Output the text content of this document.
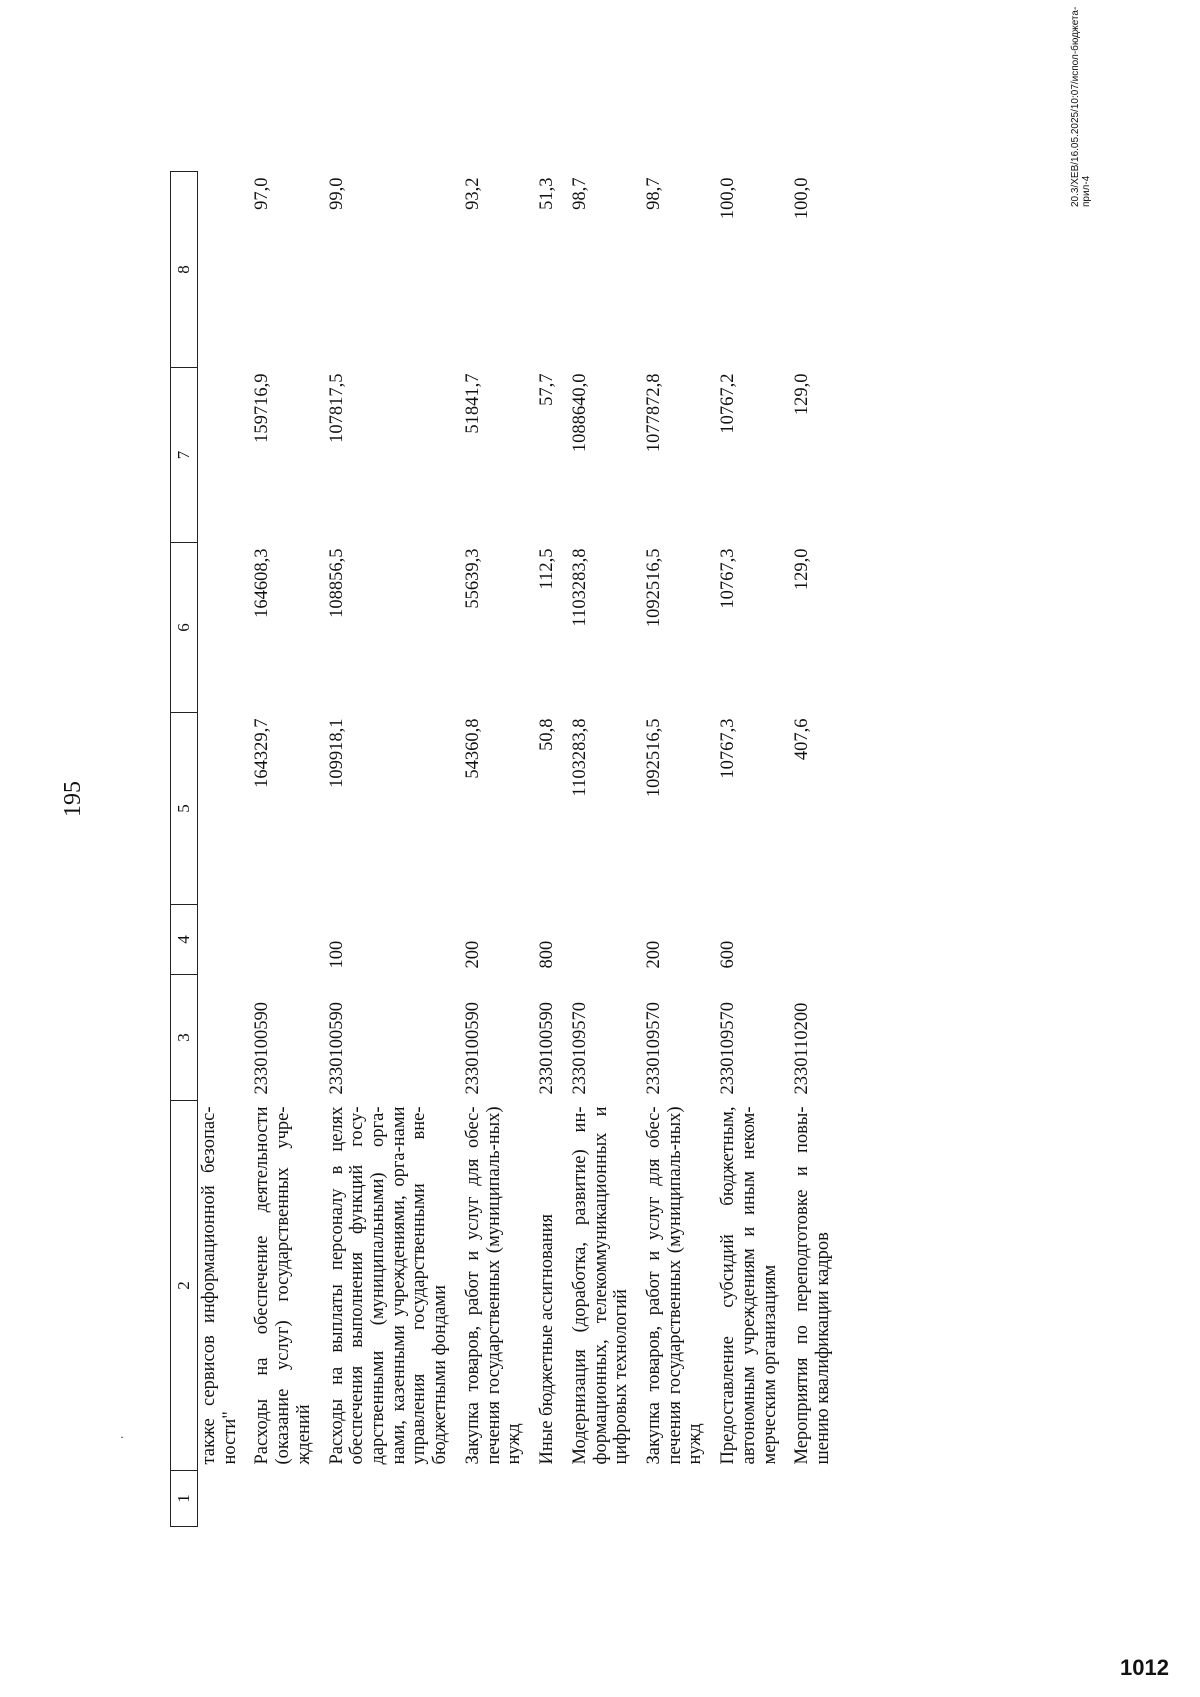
195
1	2	3	4	5	6	7	8
	также сервисов информационной безопас-ности"						
	Расходы на обеспечение деятельности (оказание услуг) государственных учре-ждений	2330100590		164329,7	164608,3	159716,9	97,0
	Расходы на выплаты персоналу в целях обеспечения выполнения функций госу-дарственными (муниципальными) орга-нами, казенными учреждениями, орга-нами управления государственными вне-бюджетными фондами	2330100590	100	109918,1	108856,5	107817,5	99,0
	Закупка товаров, работ и услуг для обес-печения государственных (муниципаль-ных) нужд	2330100590	200	54360,8	55639,3	51841,7	93,2
	Иные бюджетные ассигнования	2330100590	800	50,8	112,5	57,7	51,3
	Модернизация (доработка, развитие) ин-формационных, телекоммуникационных и цифровых технологий	2330109570		1103283,8	1103283,8	1088640,0	98,7
	Закупка товаров, работ и услуг для обес-печения государственных (муниципаль-ных) нужд	2330109570	200	1092516,5	1092516,5	1077872,8	98,7
	Предоставление субсидий бюджетным, автономным учреждениям и иным неком-мерческим организациям	2330109570	600	10767,3	10767,3	10767,2	100,0
	Мероприятия по переподготовке и повы-шению квалификации кадров	2330110200		407,6	129,0	129,0	100,0	20.3/ХЕВ/16.05.2025/10:07/испол-бюджета-прил-4
·
1012
